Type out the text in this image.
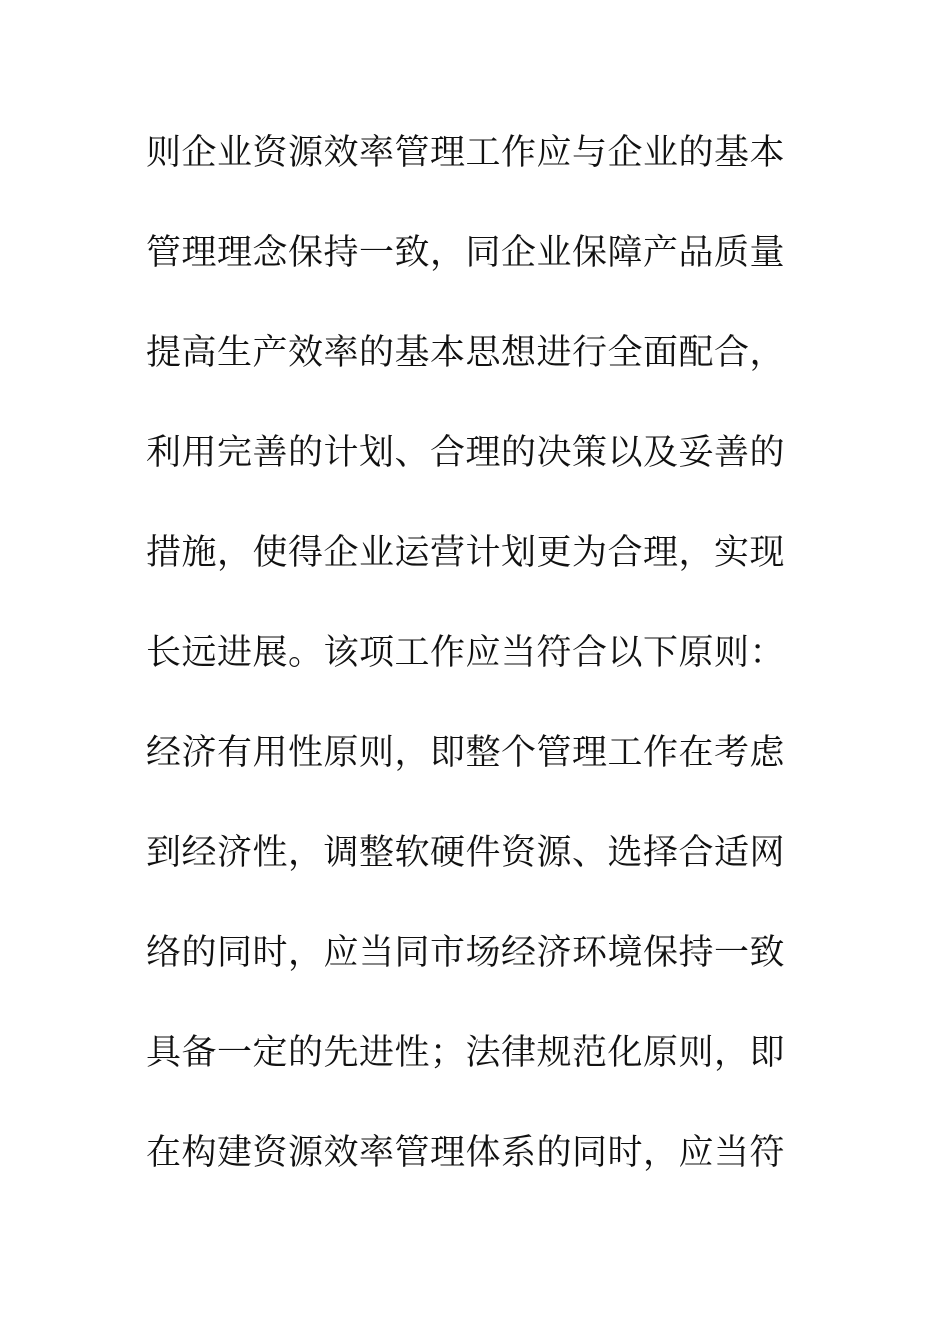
则企业资源效率管理工作应与企业的基本
管理理念保持一致，同企业保障产品质量
提高生产效率的基本思想进行全面配合，
利用完善的计划、合理的决策以及妥善的
措施，使得企业运营计划更为合理，实现
长远进展。该项工作应当符合以下原则：
经济有用性原则，即整个管理工作在考虑
到经济性，调整软硬件资源、选择合适网
络的同时，应当同市场经济环境保持一致
具备一定的先进性；法律规范化原则，即
在构建资源效率管理体系的同时，应当符
